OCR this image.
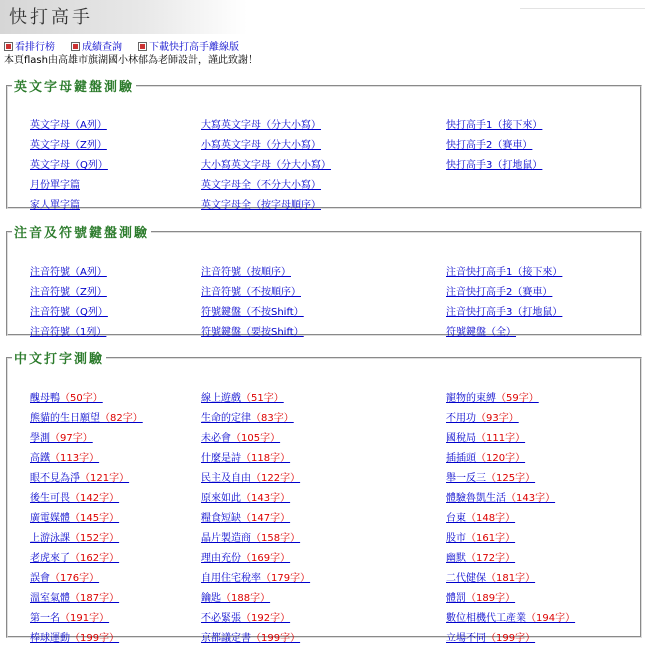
快打高手
看排行榜	成績查詢	下載快打高手離線版
本頁flash由高雄市旗湖國小林郁為老師設計，謹此致謝！
英文字母鍵盤測驗
英文字母（A列）
英文字母（Z列）
英文字母（Q列）
月份單字篇
家人單字篇
大寫英文字母（分大小寫）
小寫英文字母（分大小寫）
大小寫英文字母（分大小寫）
英文字母全（不分大小寫）
英文字母全（按字母順序）
快打高手1（接下來）
快打高手2（賽車）
快打高手3（打地鼠）
注音及符號鍵盤測驗
注音符號（A列）
注音符號（Z列）
注音符號（Q列）
注音符號（1列）
注音符號（按順序）
注音符號（不按順序）
符號鍵盤（不按Shift）
符號鍵盤（要按Shift）
注音快打高手1（接下來）
注音快打高手2（賽車）
注音快打高手3（打地鼠）
符號鍵盤（全）
中文打字測驗
醜母鴨（50字）
熊貓的生日願望（82字）
學測（97字）
高鐵（113字）
眼不見為淨（121字）
後生可畏（142字）
廣電媒體（145字）
上游泳課（152字）
老虎來了（162字）
誤會（176字）
溫室氣體（187字）
第一名（191字）
棒球運動（199字）
線上遊戲（51字）
生命的定律（83字）
未必會（105字）
什麼是詩（118字）
民主及自由（122字）
原來如此（143字）
糧食短缺（147字）
晶片製造商（158字）
理由充份（169字）
自用住宅稅率（179字）
鑰匙（188字）
不必緊張（192字）
京都議定書（199字）
寵物的束縛（59字）
不用功（93字）
國稅局（111字）
插插頭（120字）
舉一反三（125字）
體驗魯凱生活（143字）
台東（148字）
股市（161字）
幽默（172字）
二代健保（181字）
體罰（189字）
數位相機代工產業（194字）
立場不同（199字）
